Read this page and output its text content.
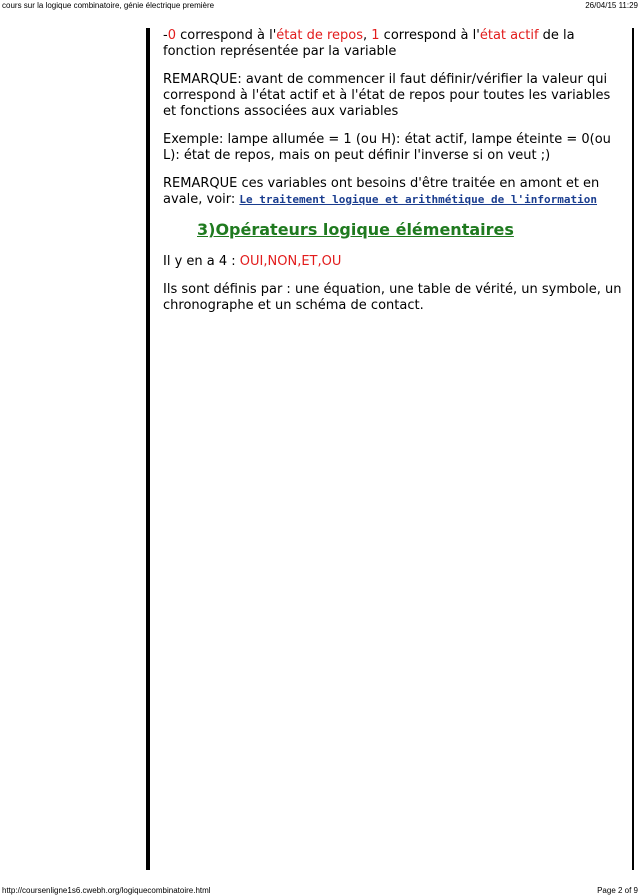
cours sur la logique combinatoire, génie électrique première	26/04/15 11:29

-0 correspond à l'état de repos, 1 correspond à l'état actif de la fonction représentée par la variable

REMARQUE: avant de commencer il faut définir/vérifier la valeur qui correspond à l'état actif et à l'état de repos pour toutes les variables et fonctions associées aux variables

Exemple: lampe allumée = 1 (ou H): état actif, lampe éteinte = 0(ou L): état de repos, mais on peut définir l'inverse si on veut ;)

REMARQUE ces variables ont besoins d'être traitée en amont et en avale, voir: Le traitement logique et arithmétique de l'information

3)Opérateurs logique élémentaires

Il y en a 4 : OUI,NON,ET,OU

Ils sont définis par : une équation, une table de vérité, un symbole, un chronographe et un schéma de contact.

http://coursenligne1s6.cwebh.org/logiquecombinatoire.html	Page 2 of 9
